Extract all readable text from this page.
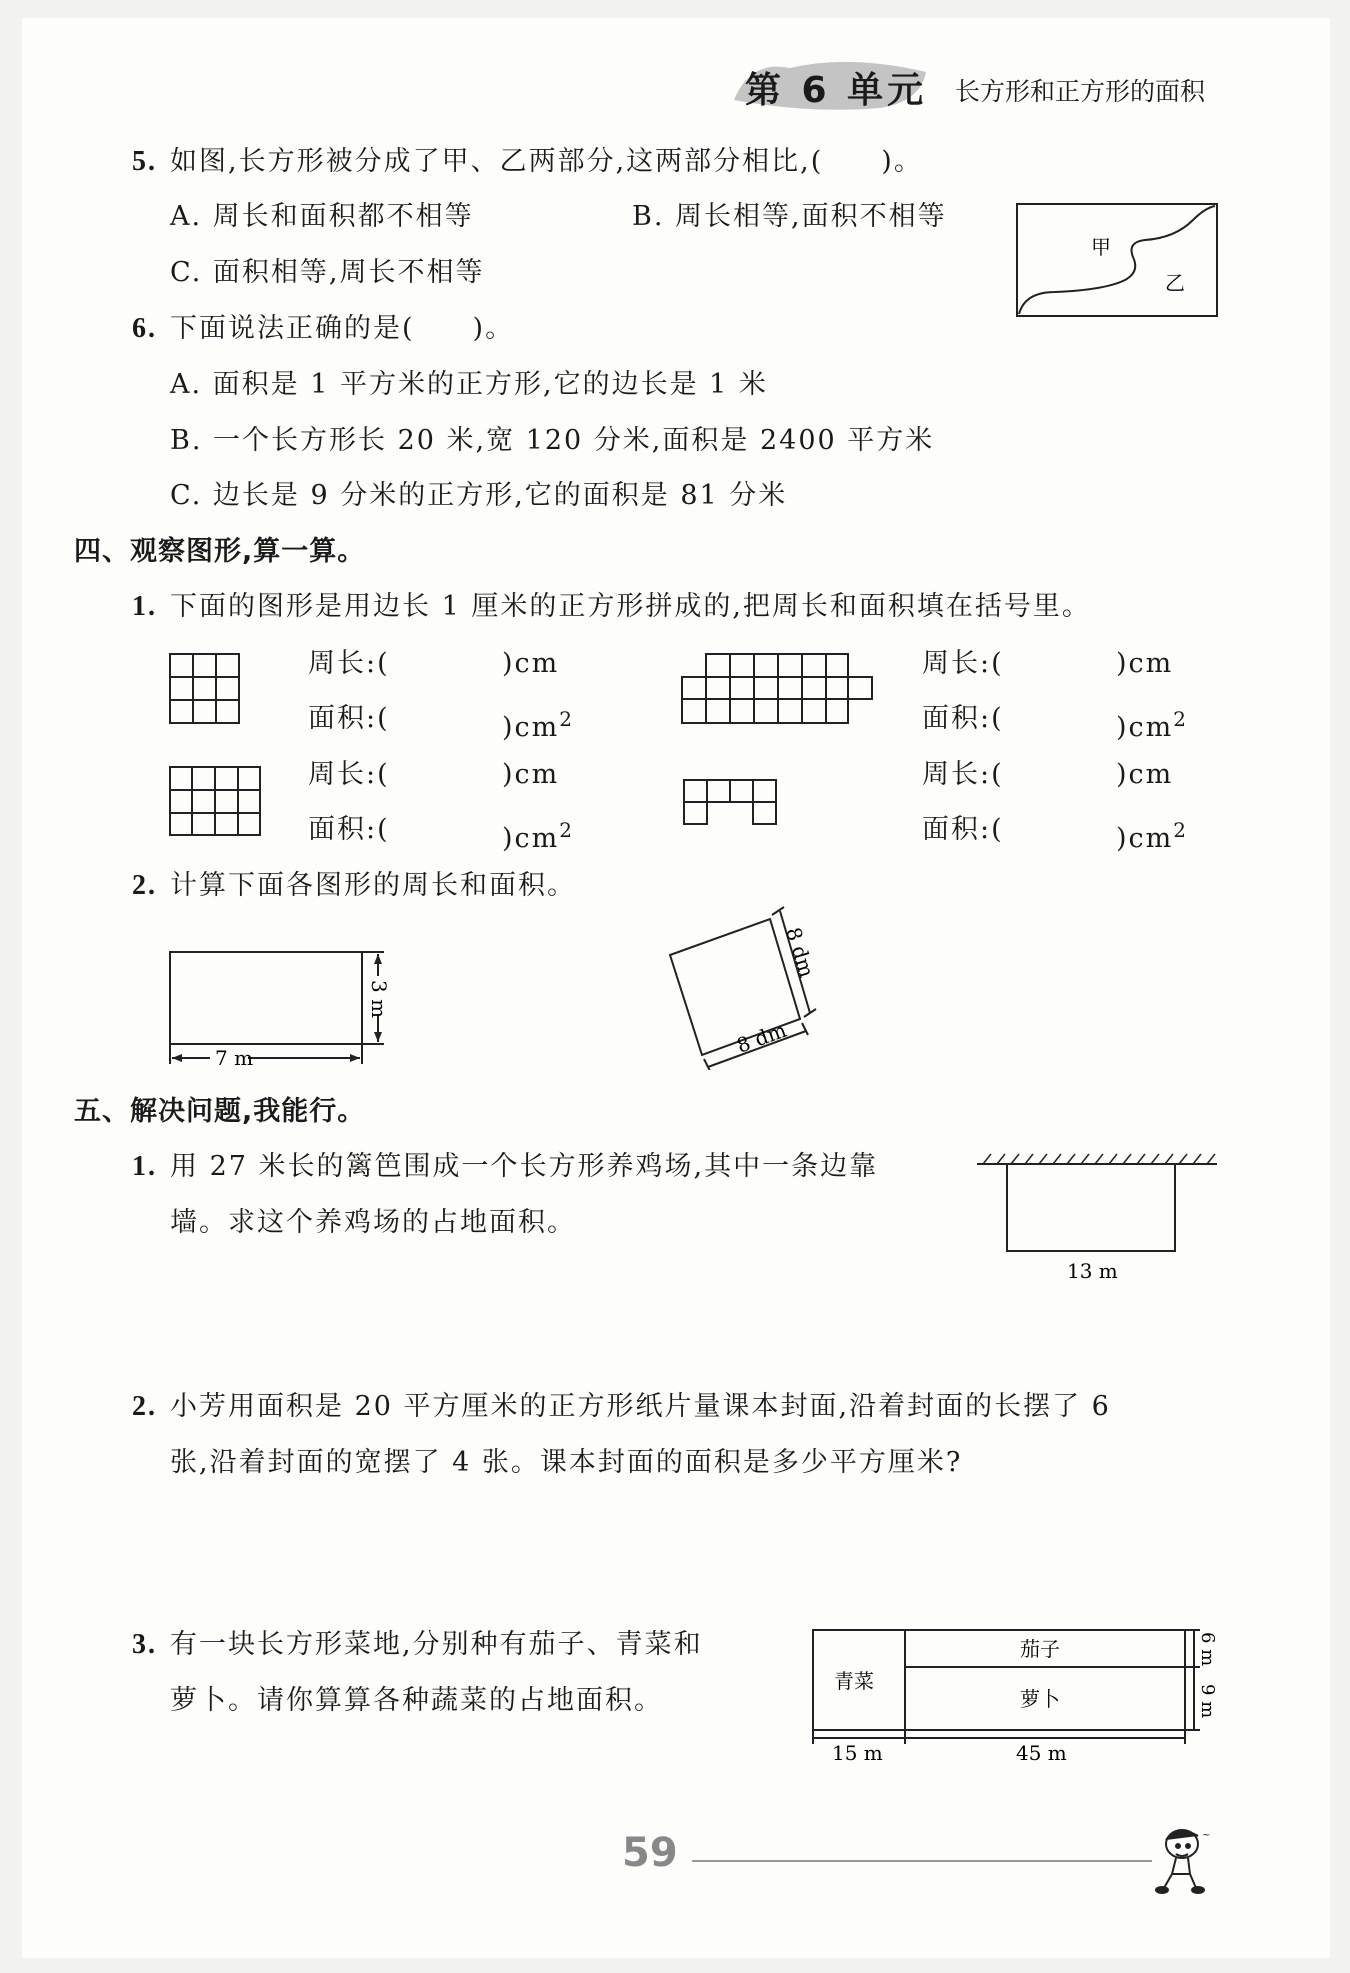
第 6 单元 长方形和正方形的面积
5. 如图,长方形被分成了甲、乙两部分,这两部分相比,(　　)。
A. 周长和面积都不相等	B. 周长相等,面积不相等
C. 面积相等,周长不相等
甲
乙
6. 下面说法正确的是(　　)。
A. 面积是 1 平方米的正方形,它的边长是 1 米
B. 一个长方形长 20 米,宽 120 分米,面积是 2400 平方米
C. 边长是 9 分米的正方形,它的面积是 81 分米
四、观察图形,算一算。
1. 下面的图形是用边长 1 厘米的正方形拼成的,把周长和面积填在括号里。
周长:(	)cm
面积:(	)$cm^2$
周长:(	)cm
面积:(	)$cm^2$
周长:(	)cm
面积:(	)$cm^2$
周长:(	)cm
面积:(	)$cm^2$
2. 计算下面各图形的周长和面积。
7 m
3 m
8 dm
8 dm
五、解决问题,我能行。
1. 用 27 米长的篱笆围成一个长方形养鸡场,其中一条边靠
墙。求这个养鸡场的占地面积。
13 m
2. 小芳用面积是 20 平方厘米的正方形纸片量课本封面,沿着封面的长摆了 6
张,沿着封面的宽摆了 4 张。课本封面的面积是多少平方厘米?
3. 有一块长方形菜地,分别种有茄子、青菜和
萝卜。请你算算各种蔬菜的占地面积。
青菜
茄子
萝卜
15 m	45 m
6 m
9 m
59	~
